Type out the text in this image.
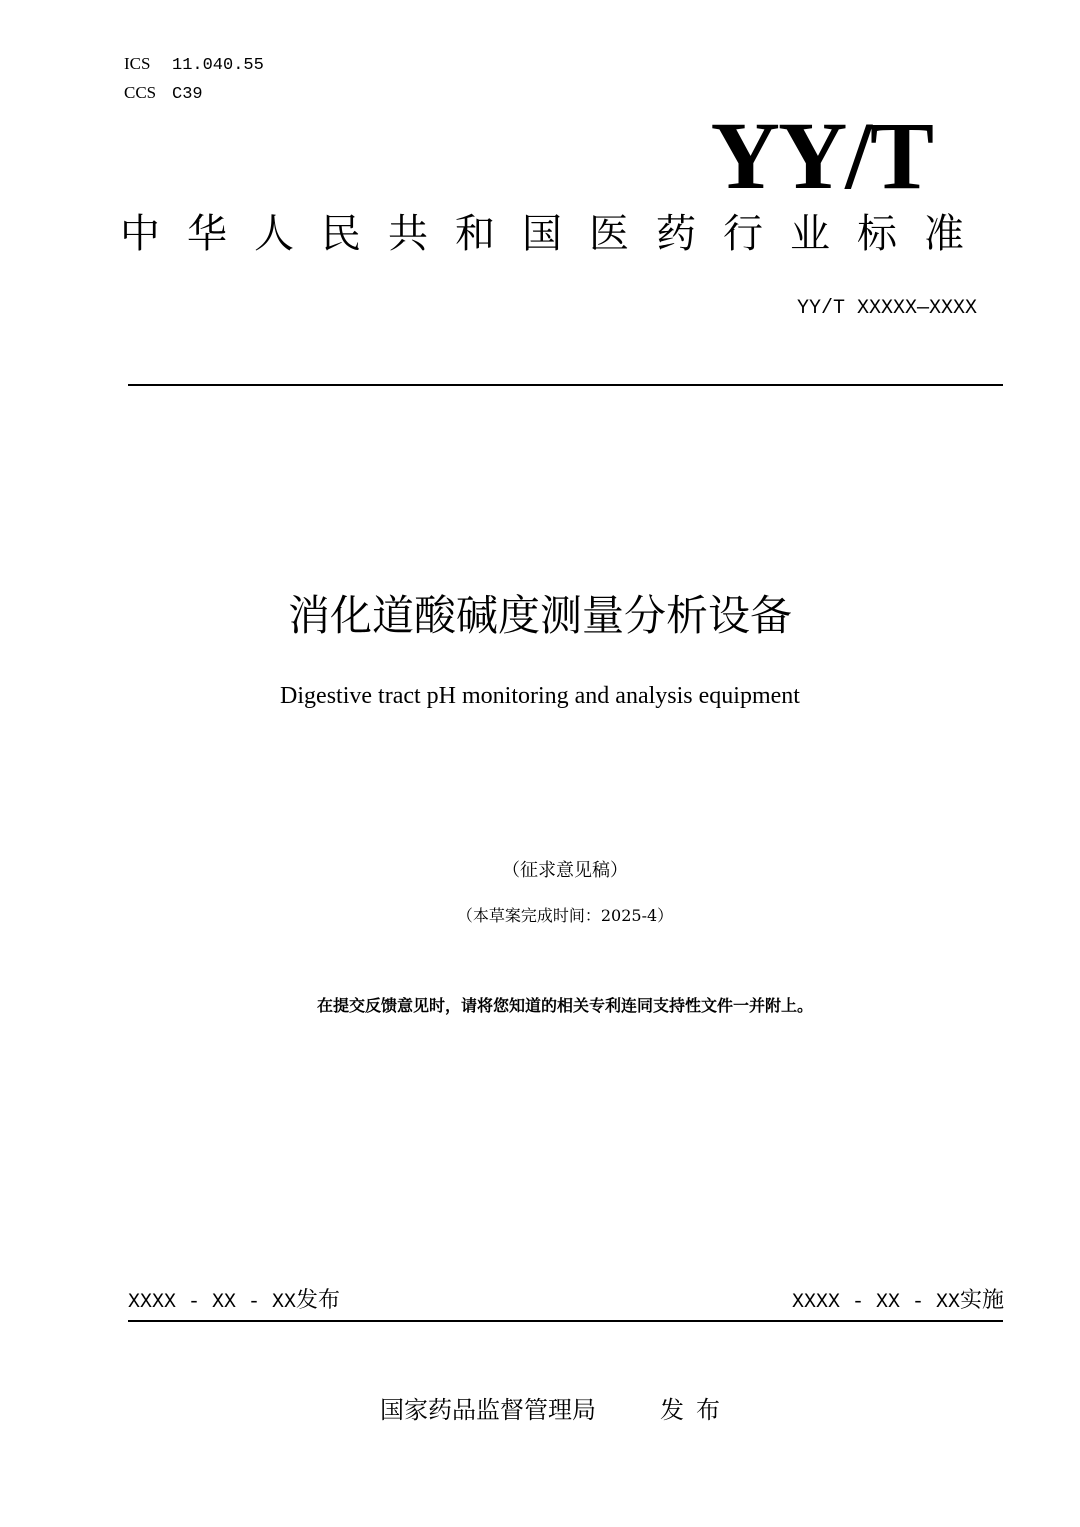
ICS 11.040.55
CCS C39
YY/T
中华人民共和国医药行业标准
YY/T XXXXX—XXXX
消化道酸碱度测量分析设备
Digestive tract pH monitoring and analysis equipment
（征求意见稿）
（本草案完成时间：2025-4）
在提交反馈意见时，请将您知道的相关专利连同支持性文件一并附上。
XXXX - XX - XX发布	XXXX - XX - XX实施
国家药品监督管理局	发布
